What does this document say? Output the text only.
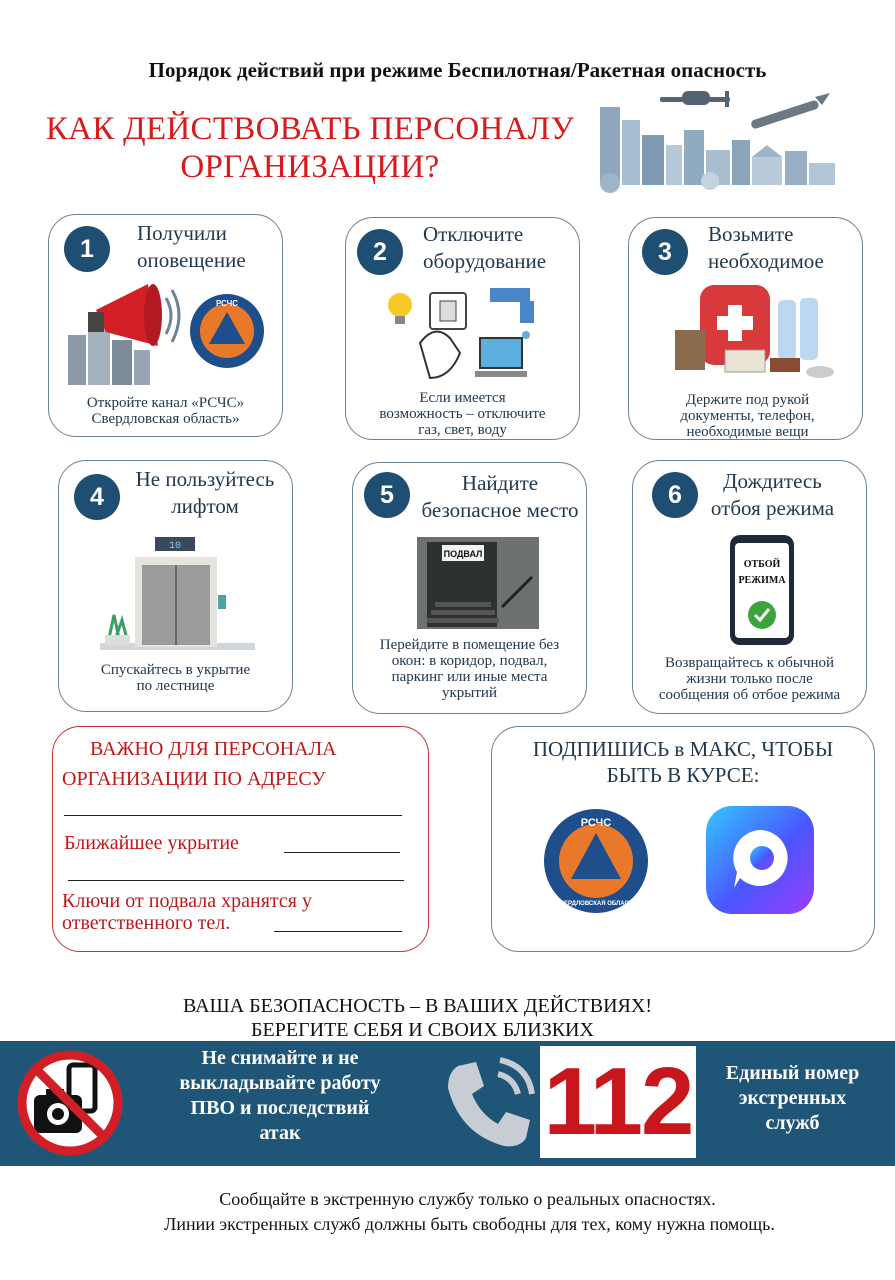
Порядок действий при режиме Беспилотная/Ракетная опасность
КАК ДЕЙСТВОВАТЬ ПЕРСОНАЛУ
ОРГАНИЗАЦИИ?
1
Получили
оповещение
РСЧС
Откройте канал «РСЧС»
Свердловская область»
2
Отключите
оборудование
Если имеется
возможность – отключите
газ, свет, воду
3
Возьмите
необходимое
Держите под рукой
документы, телефон,
необходимые вещи
4
Не пользуйтесь
лифтом
10
Спускайтесь в укрытие
по лестнице
5	Найдите
безопасное место
ПОДВАЛ
Перейдите в помещение без
окон: в коридор, подвал,
паркинг или иные места
укрытий
6	Дождитесь
отбоя режима
ОТБОЙ
РЕЖИМА
Возвращайтесь к обычной
жизни только после
сообщения об отбое режима
ВАЖНО ДЛЯ ПЕРСОНАЛА
ОРГАНИЗАЦИИ ПО АДРЕСУ
Ближайшее укрытие
Ключи от подвала хранятся у
ответственного тел.
ПОДПИШИСЬ в МАКС, ЧТОБЫ
БЫТЬ В КУРСЕ:
РСЧС
СВЕРДЛОВСКАЯ ОБЛАСТЬ
ВАША БЕЗОПАСНОСТЬ – В ВАШИХ ДЕЙСТВИЯХ!
БЕРЕГИТЕ СЕБЯ И СВОИХ БЛИЗКИХ
Не снимайте и не
выкладывайте работу
ПВО и последствий
атак	112	Единый номер
экстренных
служб
Сообщайте в экстренную службу только о реальных опасностях.
Линии экстренных служб должны быть свободны для тех, кому нужна помощь.
